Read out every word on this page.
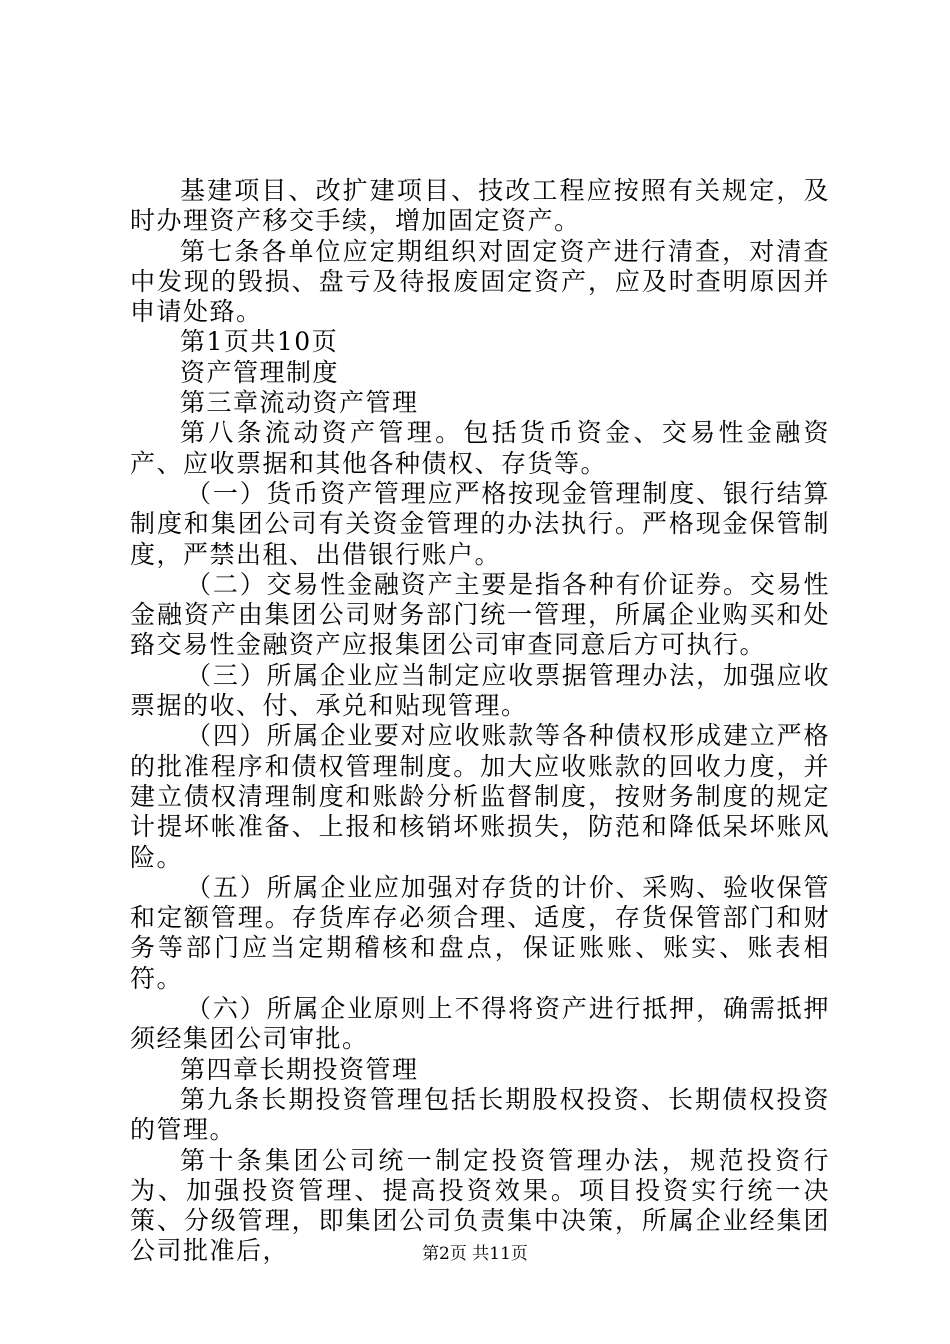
基建项目、改扩建项目、技改工程应按照有关规定，及时办理资产移交手续，增加固定资产。

第七条各单位应定期组织对固定资产进行清查，对清查中发现的毁损、盘亏及待报废固定资产，应及时查明原因并申请处臵。

第1页共10页

资产管理制度

第三章流动资产管理

第八条流动资产管理。包括货币资金、交易性金融资产、应收票据和其他各种债权、存货等。

（一）货币资产管理应严格按现金管理制度、银行结算制度和集团公司有关资金管理的办法执行。严格现金保管制度，严禁出租、出借银行账户。

（二）交易性金融资产主要是指各种有价证券。交易性金融资产由集团公司财务部门统一管理，所属企业购买和处臵交易性金融资产应报集团公司审查同意后方可执行。

（三）所属企业应当制定应收票据管理办法，加强应收票据的收、付、承兑和贴现管理。

（四）所属企业要对应收账款等各种债权形成建立严格的批准程序和债权管理制度。加大应收账款的回收力度，并建立债权清理制度和账龄分析监督制度，按财务制度的规定计提坏帐准备、上报和核销坏账损失，防范和降低呆坏账风险。

（五）所属企业应加强对存货的计价、采购、验收保管和定额管理。存货库存必须合理、适度，存货保管部门和财务等部门应当定期稽核和盘点，保证账账、账实、账表相符。

（六）所属企业原则上不得将资产进行抵押，确需抵押须经集团公司审批。

第四章长期投资管理

第九条长期投资管理包括长期股权投资、长期债权投资的管理。

第十条集团公司统一制定投资管理办法，规范投资行为、加强投资管理、提高投资效果。项目投资实行统一决策、分级管理，即集团公司负责集中决策，所属企业经集团公司批准后，	第2页 共11页
